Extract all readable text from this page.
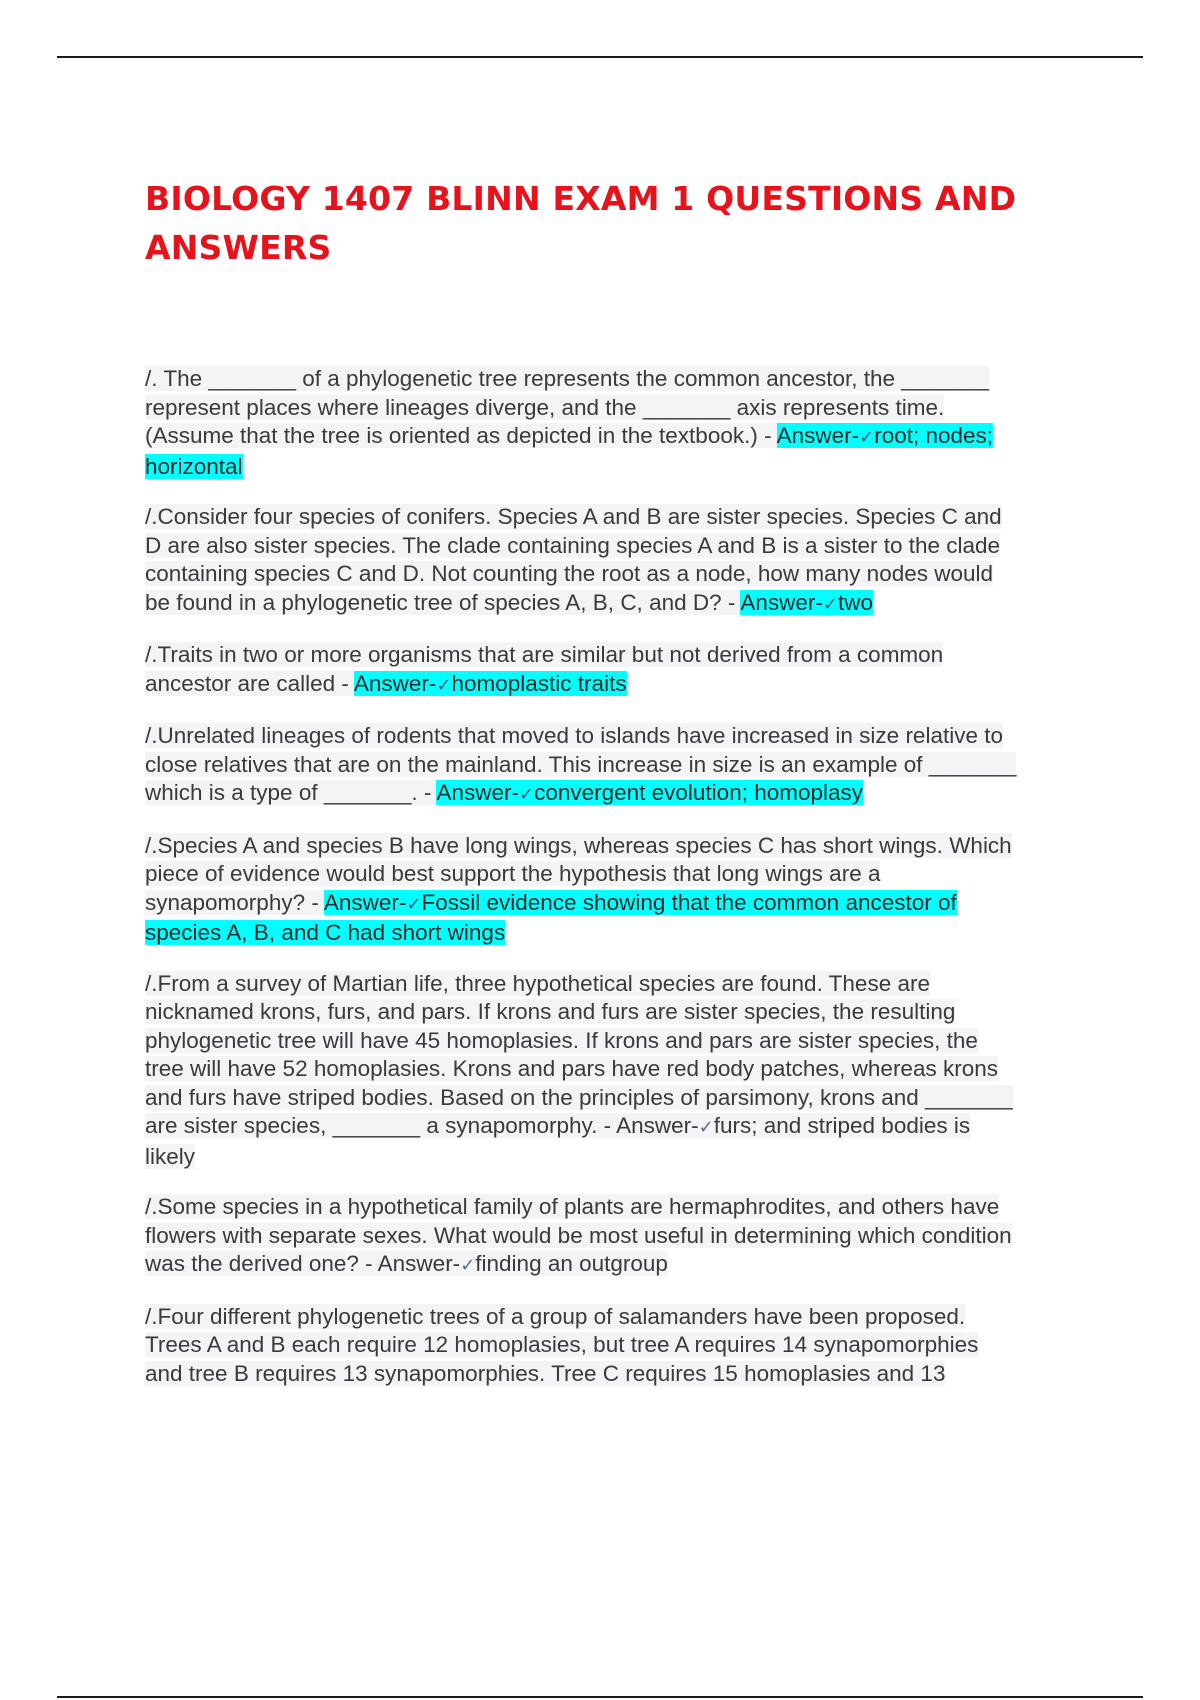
BIOLOGY 1407 BLINN EXAM 1 QUESTIONS AND
ANSWERS
/. The _______ of a phylogenetic tree represents the common ancestor, the _______
represent places where lineages diverge, and the _______ axis represents time.
(Assume that the tree is oriented as depicted in the textbook.) - Answer-✓root; nodes;
horizontal
/.Consider four species of conifers. Species A and B are sister species. Species C and
D are also sister species. The clade containing species A and B is a sister to the clade
containing species C and D. Not counting the root as a node, how many nodes would
be found in a phylogenetic tree of species A, B, C, and D? - Answer-✓two
/.Traits in two or more organisms that are similar but not derived from a common
ancestor are called - Answer-✓homoplastic traits
/.Unrelated lineages of rodents that moved to islands have increased in size relative to
close relatives that are on the mainland. This increase in size is an example of _______
which is a type of _______. - Answer-✓convergent evolution; homoplasy
/.Species A and species B have long wings, whereas species C has short wings. Which
piece of evidence would best support the hypothesis that long wings are a
synapomorphy? - Answer-✓Fossil evidence showing that the common ancestor of
species A, B, and C had short wings
/.From a survey of Martian life, three hypothetical species are found. These are
nicknamed krons, furs, and pars. If krons and furs are sister species, the resulting
phylogenetic tree will have 45 homoplasies. If krons and pars are sister species, the
tree will have 52 homoplasies. Krons and pars have red body patches, whereas krons
and furs have striped bodies. Based on the principles of parsimony, krons and _______
are sister species, _______ a synapomorphy. - Answer-✓furs; and striped bodies is
likely
/.Some species in a hypothetical family of plants are hermaphrodites, and others have
flowers with separate sexes. What would be most useful in determining which condition
was the derived one? - Answer-✓finding an outgroup
/.Four different phylogenetic trees of a group of salamanders have been proposed.
Trees A and B each require 12 homoplasies, but tree A requires 14 synapomorphies
and tree B requires 13 synapomorphies. Tree C requires 15 homoplasies and 13
